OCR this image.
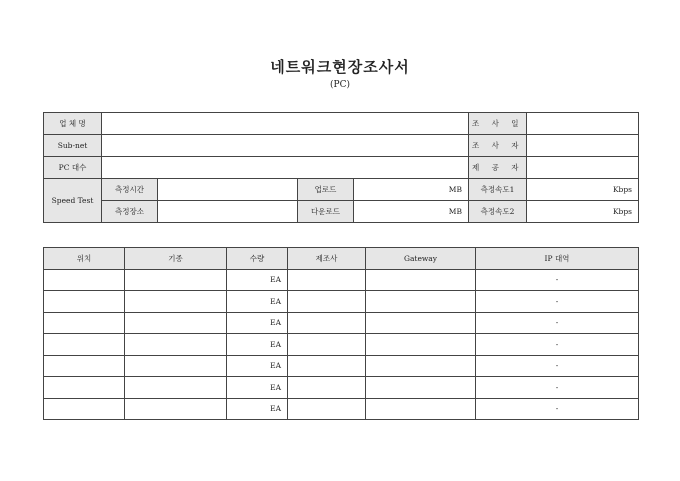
네트워크현장조사서
(PC)
업 체 명					조 사 일	
Sub-net					조 사 자	
PC 대수					제 공 자	
Speed Test	측정시간		업로드	MB	측정속도1	Kbps
	측정장소		다운로드	MB	측정속도2	Kbps
위치	기종	수량	제조사	Gateway	IP 대역
		EA			-
		EA			-
		EA			-
		EA			-
		EA			-
		EA			-
		EA			-
